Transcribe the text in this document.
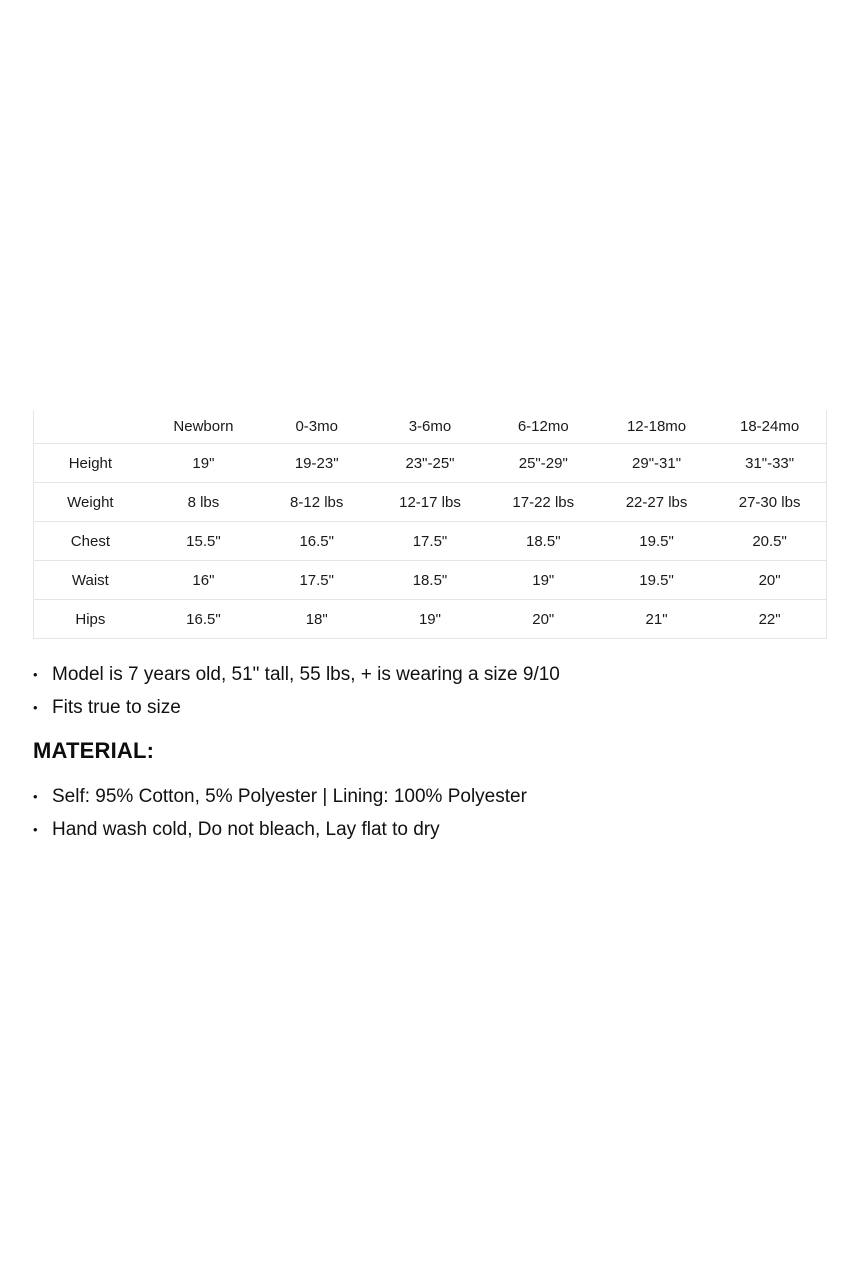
	Newborn	0-3mo	3-6mo	6-12mo	12-18mo	18-24mo
Height	19"	19-23"	23"-25"	25"-29"	29"-31"	31"-33"
Weight	8 lbs	8-12 lbs	12-17 lbs	17-22 lbs	22-27 lbs	27-30 lbs
Chest	15.5"	16.5"	17.5"	18.5"	19.5"	20.5"
Waist	16"	17.5"	18.5"	19"	19.5"	20"
Hips	16.5"	18"	19"	20"	21"	22"
• Model is 7 years old, 51" tall, 55 lbs, + is wearing a size 9/10
• Fits true to size
MATERIAL:
• Self: 95% Cotton, 5% Polyester | Lining: 100% Polyester
• Hand wash cold, Do not bleach, Lay flat to dry
